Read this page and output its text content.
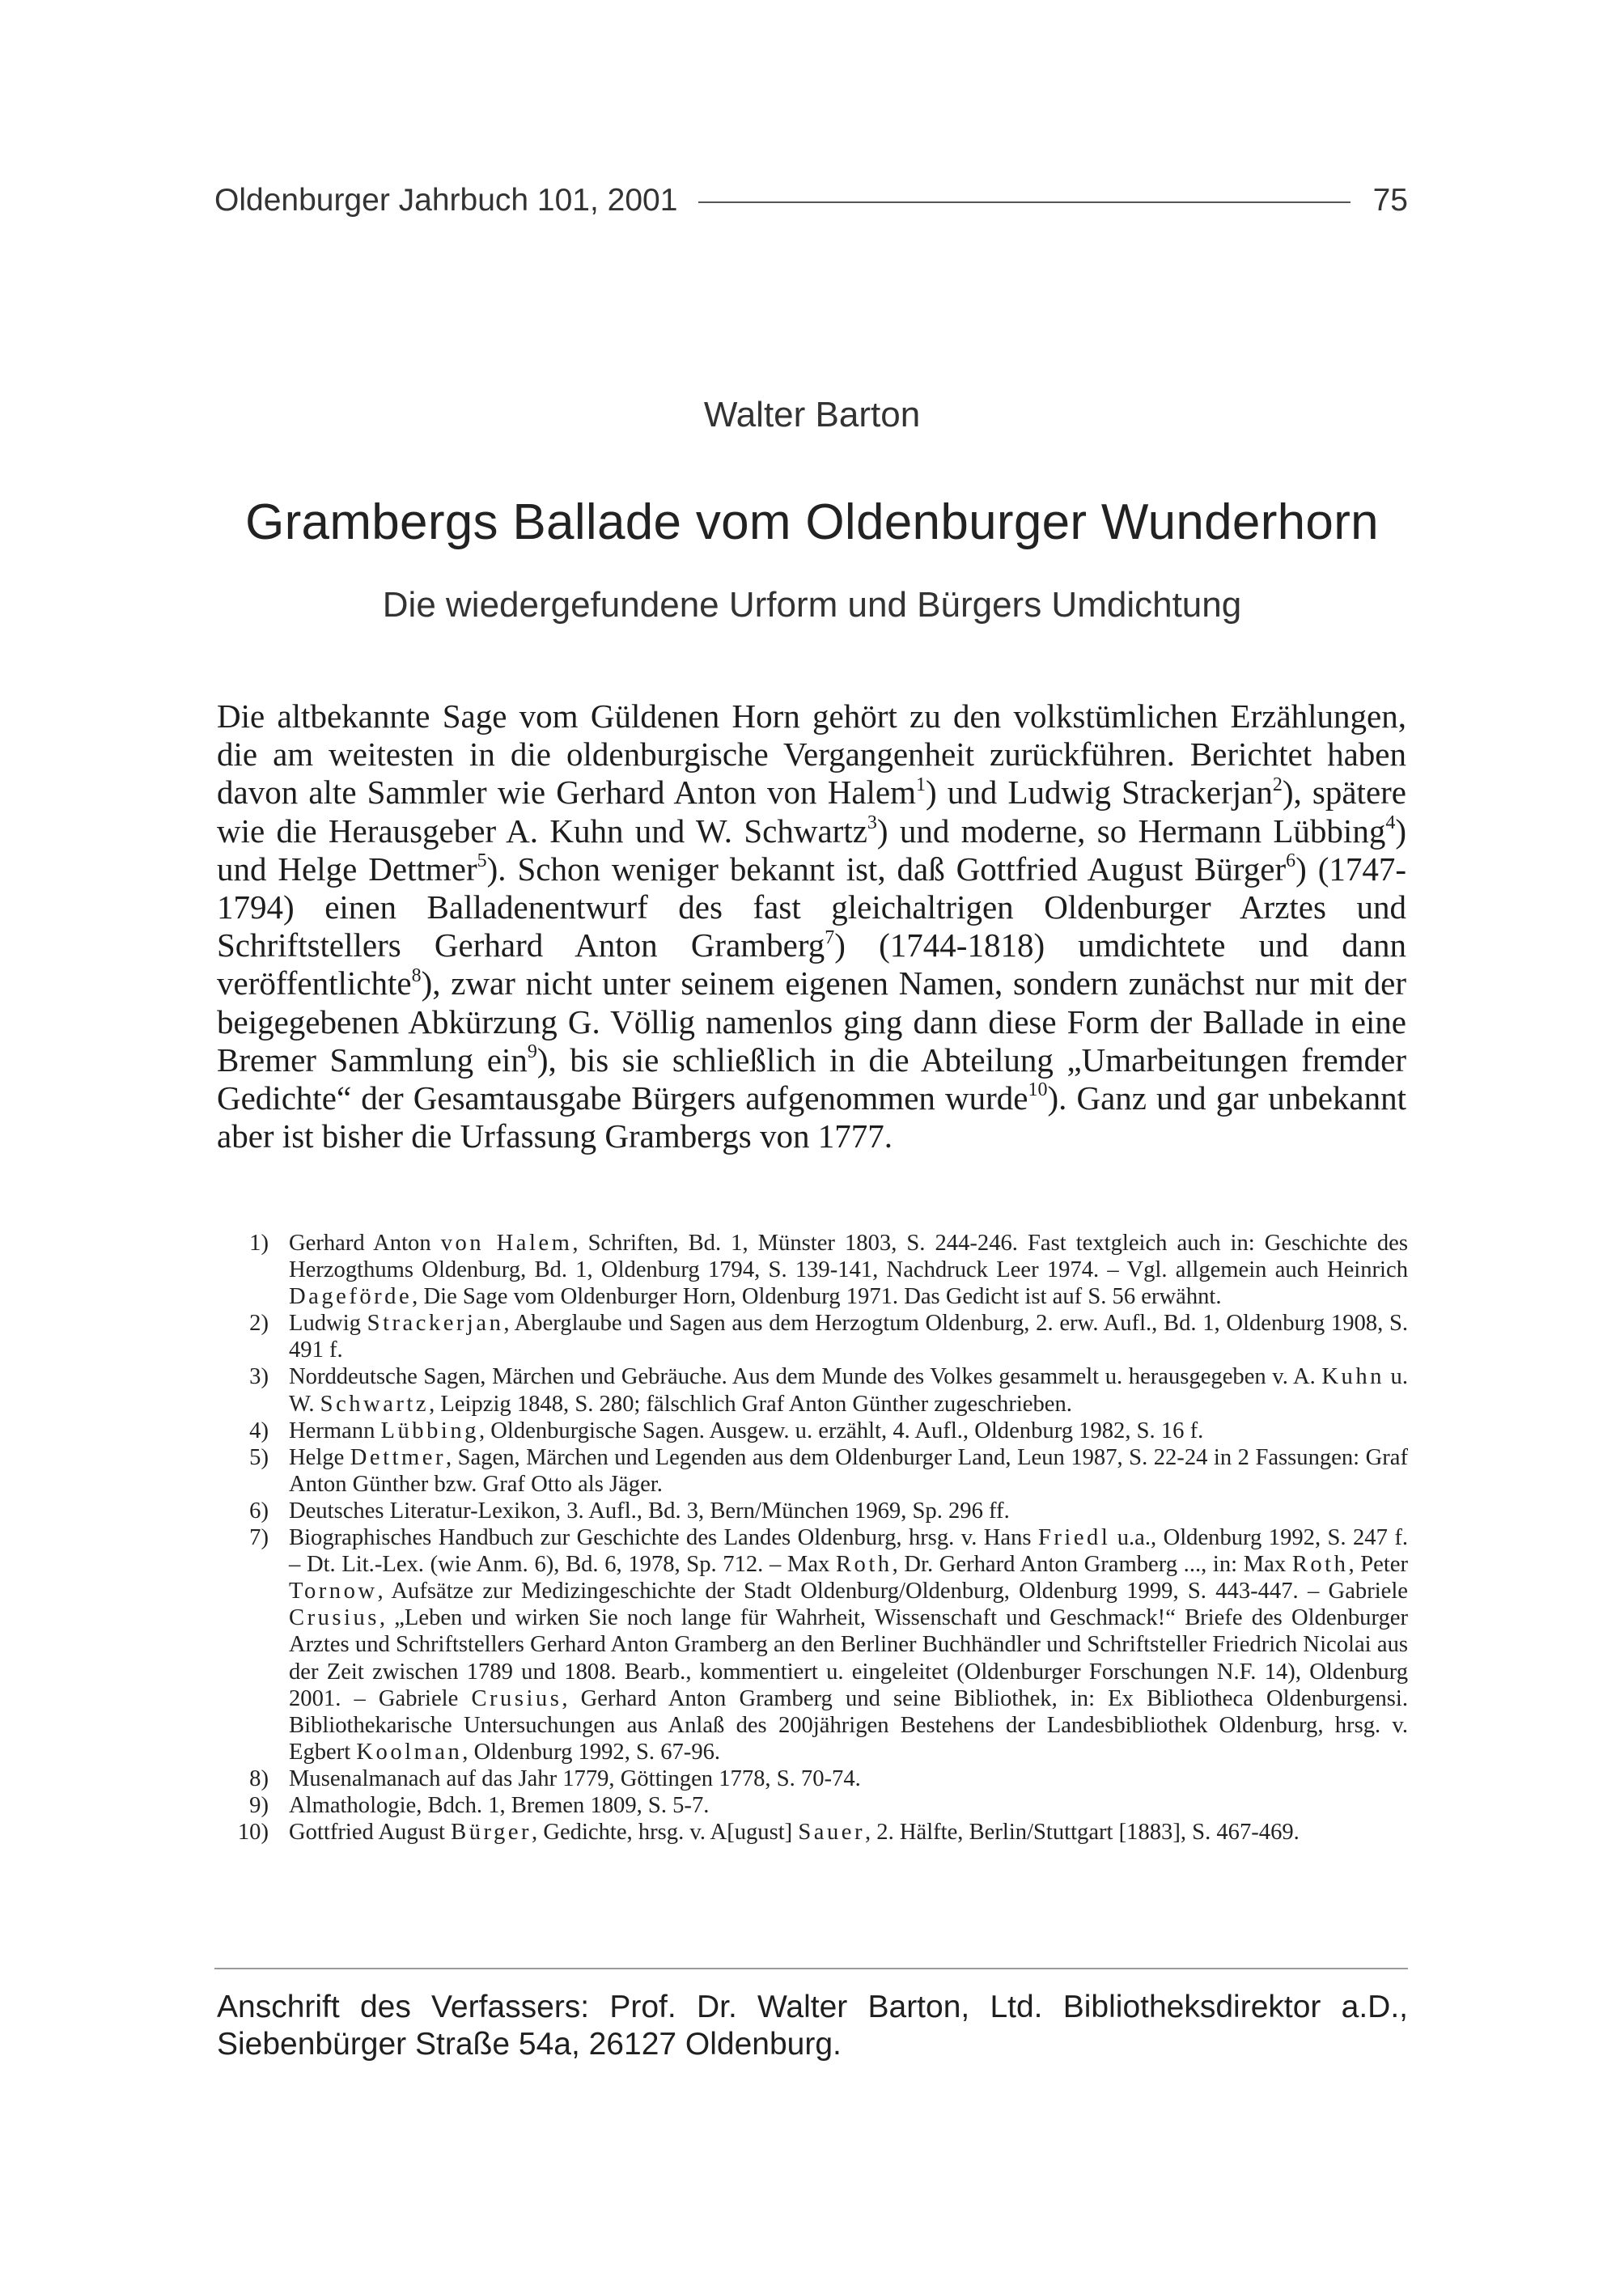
Oldenburger Jahrbuch 101, 2001	75
Walter Barton
Grambergs Ballade vom Oldenburger Wunderhorn
Die wiedergefundene Urform und Bürgers Umdichtung
Die altbekannte Sage vom Güldenen Horn gehört zu den volkstümlichen Erzählungen, die am weitesten in die oldenburgische Vergangenheit zurückführen. Berichtet haben davon alte Sammler wie Gerhard Anton von Halem$^1$) und Ludwig Strackerjan$^2$), spätere wie die Herausgeber A. Kuhn und W. Schwartz$^3$) und moderne, so Hermann Lübbing$^4$) und Helge Dettmer$^5$). Schon weniger bekannt ist, daß Gottfried August Bürger$^6$) (1747-1794) einen Balladenentwurf des fast gleichaltrigen Oldenburger Arztes und Schriftstellers Gerhard Anton Gramberg$^7$) (1744-1818) umdichtete und dann veröffentlichte$^8$), zwar nicht unter seinem eigenen Namen, sondern zunächst nur mit der beigegebenen Abkürzung G. Völlig namenlos ging dann diese Form der Ballade in eine Bremer Sammlung ein$^9$), bis sie schließlich in die Abteilung „Umarbeitungen fremder Gedichte“ der Gesamtausgabe Bürgers aufgenommen wurde$^{10}$). Ganz und gar unbekannt aber ist bisher die Urfassung Grambergs von 1777.
1) Gerhard Anton von Halem, Schriften, Bd. 1, Münster 1803, S. 244-246. Fast textgleich auch in: Geschichte des Herzogthums Oldenburg, Bd. 1, Oldenburg 1794, S. 139-141, Nachdruck Leer 1974. – Vgl. allgemein auch Heinrich Dageförde, Die Sage vom Oldenburger Horn, Oldenburg 1971. Das Gedicht ist auf S. 56 erwähnt.
2) Ludwig Strackerjan, Aberglaube und Sagen aus dem Herzogtum Oldenburg, 2. erw. Aufl., Bd. 1, Oldenburg 1908, S. 491 f.
3) Norddeutsche Sagen, Märchen und Gebräuche. Aus dem Munde des Volkes gesammelt u. herausgegeben v. A. Kuhn u. W. Schwartz, Leipzig 1848, S. 280; fälschlich Graf Anton Günther zugeschrieben.
4) Hermann Lübbing, Oldenburgische Sagen. Ausgew. u. erzählt, 4. Aufl., Oldenburg 1982, S. 16 f.
5) Helge Dettmer, Sagen, Märchen und Legenden aus dem Oldenburger Land, Leun 1987, S. 22-24 in 2 Fassungen: Graf Anton Günther bzw. Graf Otto als Jäger.
6) Deutsches Literatur-Lexikon, 3. Aufl., Bd. 3, Bern/München 1969, Sp. 296 ff.
7) Biographisches Handbuch zur Geschichte des Landes Oldenburg, hrsg. v. Hans Friedl u.a., Oldenburg 1992, S. 247 f. – Dt. Lit.-Lex. (wie Anm. 6), Bd. 6, 1978, Sp. 712. – Max Roth, Dr. Gerhard Anton Gramberg ..., in: Max Roth, Peter Tornow, Aufsätze zur Medizingeschichte der Stadt Oldenburg/Oldenburg, Oldenburg 1999, S. 443-447. – Gabriele Crusius, „Leben und wirken Sie noch lange für Wahrheit, Wissenschaft und Geschmack!“ Briefe des Oldenburger Arztes und Schriftstellers Gerhard Anton Gramberg an den Berliner Buchhändler und Schriftsteller Friedrich Nicolai aus der Zeit zwischen 1789 und 1808. Bearb., kommentiert u. eingeleitet (Oldenburger Forschungen N.F. 14), Oldenburg 2001. – Gabriele Crusius, Gerhard Anton Gramberg und seine Bibliothek, in: Ex Bibliotheca Oldenburgensi. Bibliothekarische Untersuchungen aus Anlaß des 200jährigen Bestehens der Landesbibliothek Oldenburg, hrsg. v. Egbert Koolman, Oldenburg 1992, S. 67-96.
8) Musenalmanach auf das Jahr 1779, Göttingen 1778, S. 70-74.
9) Almathologie, Bdch. 1, Bremen 1809, S. 5-7.
10) Gottfried August Bürger, Gedichte, hrsg. v. A[ugust] Sauer, 2. Hälfte, Berlin/Stuttgart [1883], S. 467-469.
Anschrift des Verfassers: Prof. Dr. Walter Barton, Ltd. Bibliotheksdirektor a.D., Siebenbürger Straße 54a, 26127 Oldenburg.
